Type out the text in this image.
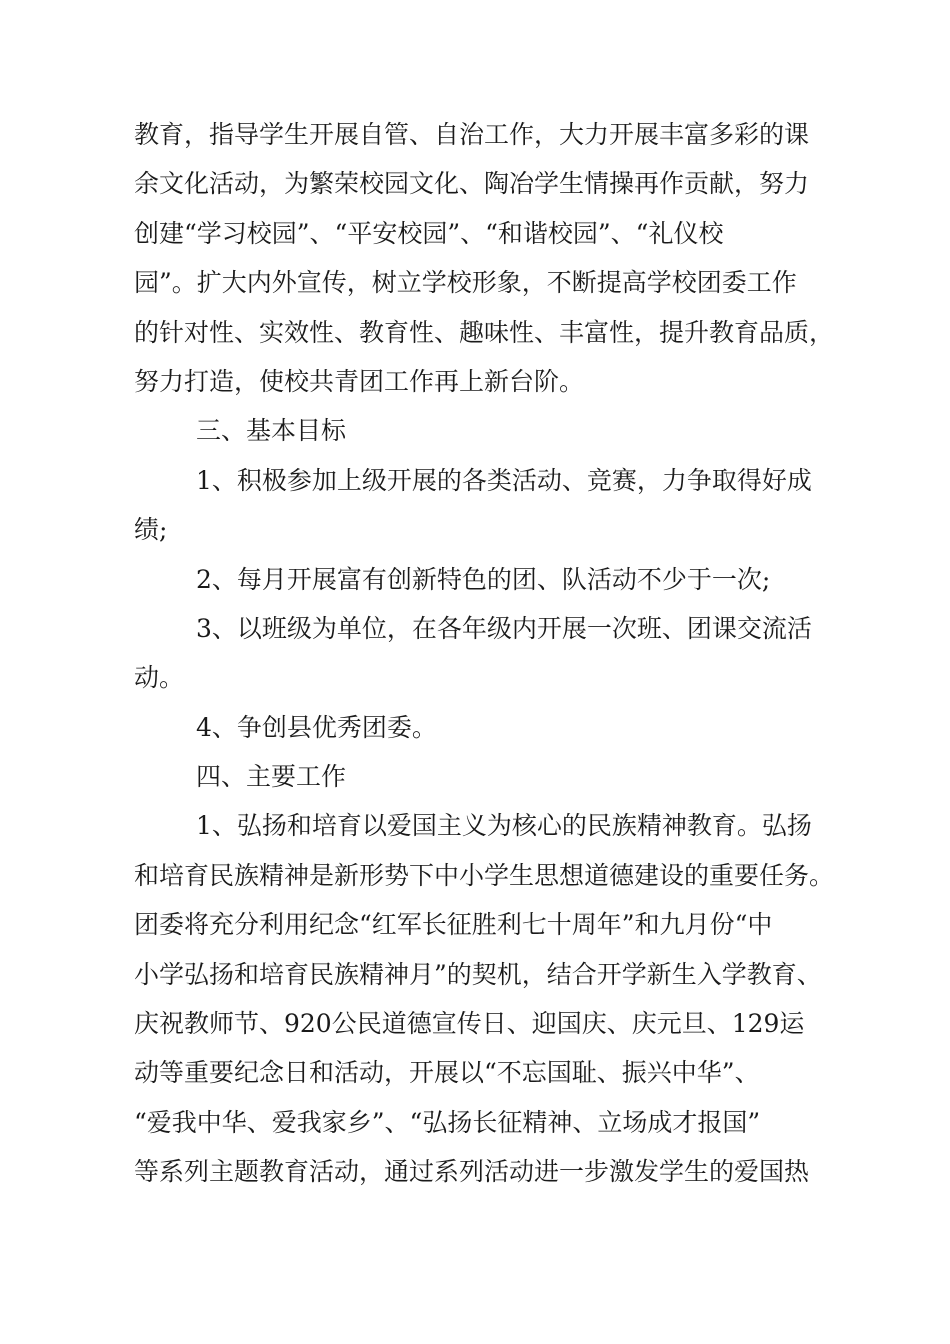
教育，指导学生开展自管、自治工作，大力开展丰富多彩的课
余文化活动，为繁荣校园文化、陶冶学生情操再作贡献，努力
创建“学习校园”、“平安校园”、“和谐校园”、“礼仪校
园”。扩大内外宣传，树立学校形象，不断提高学校团委工作
的针对性、实效性、教育性、趣味性、丰富性，提升教育品质，
努力打造，使校共青团工作再上新台阶。
三、基本目标
1、积极参加上级开展的各类活动、竞赛，力争取得好成
绩;
2、每月开展富有创新特色的团、队活动不少于一次;
3、以班级为单位，在各年级内开展一次班、团课交流活
动。
4、争创县优秀团委。
四、主要工作
1、弘扬和培育以爱国主义为核心的民族精神教育。弘扬
和培育民族精神是新形势下中小学生思想道德建设的重要任务。
团委将充分利用纪念“红军长征胜利七十周年”和九月份“中
小学弘扬和培育民族精神月”的契机，结合开学新生入学教育、
庆祝教师节、920公民道德宣传日、迎国庆、庆元旦、129运
动等重要纪念日和活动，开展以“不忘国耻、振兴中华”、
“爱我中华、爱我家乡”、“弘扬长征精神、立场成才报国”
等系列主题教育活动，通过系列活动进一步激发学生的爱国热
